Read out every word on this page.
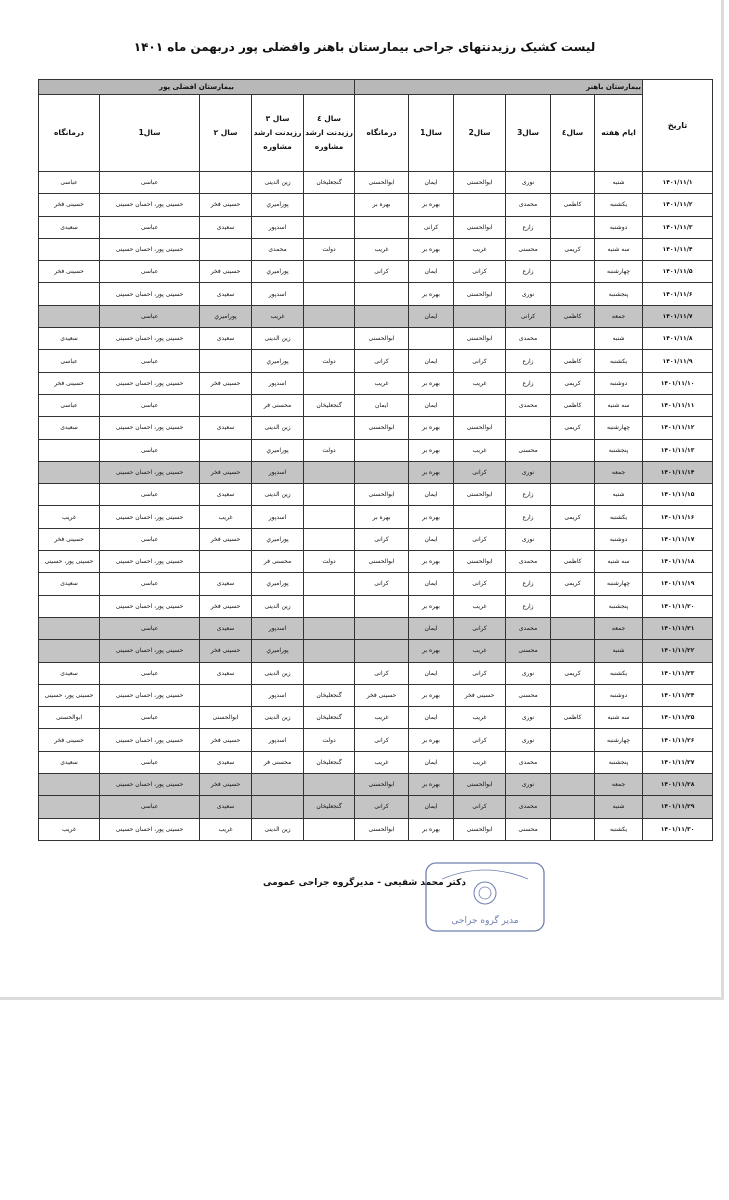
لیست کشیک رزیدنتهای جراحی بیمارستان باهنر وافضلی پور دربهمن ماه ۱۴۰۱
تاریخ	بیمارستان باهنر						بیمارستان افضلی پور				
	ایام هفته	سال٤	سال3	سال2	سال1	درمانگاه	سال ٤ رزیدنت ارشد مشاوره	سال ٣ رزیدنت ارشد مشاوره	سال ۲	سال1	درمانگاه
۱۴۰۱/۱۱/۱	شنبه		نوری	ابوالحسنی	ایمان	ابوالحسنی	گنجعلیخان	زین الدینی		عباسی	عباسی
۱۴۰۱/۱۱/۲	یکشنبه	کاظمی	محمدی		بهره بر	بهره بر		پوراميري	حسینی فخر	حسینی پور، احسان حسینی	حسینی فخر
۱۴۰۱/۱۱/۳	دوشنبه		زارع	ابوالحسنی	کرانی			اسدپور	سعیدی	عباسی	سعیدی
۱۴۰۱/۱۱/۴	سه شنبه	کریمی	محسنی	غریب	بهره بر	غریب	دولت	محمدی		حسینی پور، احسان حسینی	
۱۴۰۱/۱۱/۵	چهارشنبه		زارع	کرانی	ایمان	کرانی		پوراميري	حسینی فخر	عباسی	حسینی فخر
۱۴۰۱/۱۱/۶	پنجشنبه		نوری	ابوالحسنی	بهره بر			اسدپور	سعیدی	حسینی پور، احسان حسینی	
۱۴۰۱/۱۱/۷	جمعه	کاظمی	کرانی		ایمان			غریب	پوراميري	عباسی	
۱۴۰۱/۱۱/۸	شنبه		محمدی	ابوالحسنی		ابوالحسنی		زین الدینی	سعیدی	حسینی پور، احسان حسینی	سعیدی
۱۴۰۱/۱۱/۹	یکشنبه	کاظمی	زارع	کرانی	ایمان	کرانی	دولت	پوراميري		عباسی	عباسی
۱۴۰۱/۱۱/۱۰	دوشنبه	کریمی	زارع	غریب	بهره بر	غریب		اسدپور	حسینی فخر	حسینی پور، احسان حسینی	حسینی فخر
۱۴۰۱/۱۱/۱۱	سه شنبه	کاظمی	محمدی		ایمان	ایمان	گنجعلیخان	محسنی فر		عباسی	عباسی
۱۴۰۱/۱۱/۱۲	چهارشنبه	کریمی		ابوالحسنی	بهره بر	ابوالحسنی		زین الدینی	سعیدی	حسینی پور، احسان حسینی	سعیدی
۱۴۰۱/۱۱/۱۳	پنجشنبه		محسنی	غریب	بهره بر		دولت	پوراميري		عباسی	
۱۴۰۱/۱۱/۱۴	جمعه		نوری	کرانی	بهره بر			اسدپور	حسینی فخر	حسینی پور، احسان حسینی	
۱۴۰۱/۱۱/۱۵	شنبه		زارع	ابوالحسنی	ایمان	ابوالحسنی		زین الدینی	سعیدی	عباسی	
۱۴۰۱/۱۱/۱۶	یکشنبه	کریمی	زارع		بهره بر	بهره بر		اسدپور	غریب	حسینی پور، احسان حسینی	غریب
۱۴۰۱/۱۱/۱۷	دوشنبه		نوری	کرانی	ایمان	کرانی		پوراميري	حسینی فخر	عباسی	حسینی فخر
۱۴۰۱/۱۱/۱۸	سه شنبه	کاظمی	محمدی	ابوالحسنی	بهره بر	ابوالحسنی	دولت	محسنی فر		حسینی پور، احسان حسینی	حسینی پور، حسینی
۱۴۰۱/۱۱/۱۹	چهارشنبه	کریمی	زارع	کرانی	ایمان	کرانی		پوراميري	سعیدی	عباسی	سعیدی
۱۴۰۱/۱۱/۲۰	پنجشنبه		زارع	غریب	بهره بر			زین الدینی	حسینی فخر	حسینی پور، احسان حسینی	
۱۴۰۱/۱۱/۲۱	جمعه		محمدی	کرانی	ایمان			اسدپور	سعیدی	عباسی	
۱۴۰۱/۱۱/۲۲	شنبه		محسنی	غریب	بهره بر			پوراميري	حسینی فخر	حسینی پور، احسان حسینی	
۱۴۰۱/۱۱/۲۳	یکشنبه	کریمی	نوری	کرانی	ایمان	کرانی		زین الدینی	سعیدی	عباسی	سعیدی
۱۴۰۱/۱۱/۲۴	دوشنبه		محسنی	حسینی فخر	بهره بر	حسینی فخر	گنجعلیخان	اسدپور		حسینی پور، احسان حسینی	حسینی پور، حسینی
۱۴۰۱/۱۱/۲۵	سه شنبه	کاظمی	نوری	غریب	ایمان	غریب	گنجعلیخان	زین الدینی	ابوالحسنی	عباسی	ابوالحسنی
۱۴۰۱/۱۱/۲۶	چهارشنبه		نوری	کرانی	بهره بر	کرانی	دولت	اسدپور	حسینی فخر	حسینی پور، احسان حسینی	حسینی فخر
۱۴۰۱/۱۱/۲۷	پنجشنبه		محمدی	غریب	ایمان	غریب	گنجعلیخان	محسنی فر	سعیدی	عباسی	سعیدی
۱۴۰۱/۱۱/۲۸	جمعه		نوری	ابوالحسنی	بهره بر	ابوالحسنی			حسینی فخر	حسینی پور، احسان حسینی	
۱۴۰۱/۱۱/۲۹	شنبه		محمدی	کرانی	ایمان	کرانی	گنجعلیخان		سعیدی	عباسی	
۱۴۰۱/۱۱/۳۰	یکشنبه		محسنی	ابوالحسنی	بهره بر	ابوالحسنی		زین الدینی	غریب	حسینی پور، احسان حسینی	غریب
دکتر محمد شفیعی - مدیرگروه جراحی عمومی
مدیر گروه جراحی
